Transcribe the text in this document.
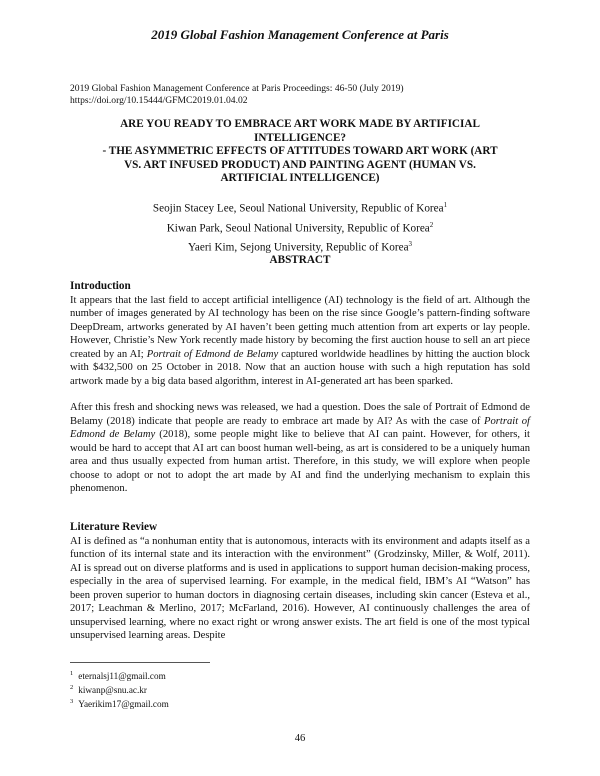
2019 Global Fashion Management Conference at Paris
2019 Global Fashion Management Conference at Paris Proceedings: 46-50 (July 2019)
https://doi.org/10.15444/GFMC2019.01.04.02
ARE YOU READY TO EMBRACE ART WORK MADE BY ARTIFICIAL INTELLIGENCE?
- THE ASYMMETRIC EFFECTS OF ATTITUDES TOWARD ART WORK (ART VS. ART INFUSED PRODUCT) AND PAINTING AGENT (HUMAN VS. ARTIFICIAL INTELLIGENCE)
Seojin Stacey Lee, Seoul National University, Republic of Korea$^1$
Kiwan Park, Seoul National University, Republic of Korea$^2$
Yaeri Kim, Sejong University, Republic of Korea$^3$
ABSTRACT
Introduction

It appears that the last field to accept artificial intelligence (AI) technology is the field of art. Although the number of images generated by AI technology has been on the rise since Google’s pattern-finding software DeepDream, artworks generated by AI haven’t been getting much attention from art experts or lay people. However, Christie’s New York recently made history by becoming the first auction house to sell an art piece created by an AI; Portrait of Edmond de Belamy captured worldwide headlines by hitting the auction block with $432,500 on 25 October in 2018. Now that an auction house with such a high reputation has sold artwork made by a big data based algorithm, interest in AI-generated art has been sparked.

After this fresh and shocking news was released, we had a question. Does the sale of Portrait of Edmond de Belamy (2018) indicate that people are ready to embrace art made by AI? As with the case of Portrait of Edmond de Belamy (2018), some people might like to believe that AI can paint. However, for others, it would be hard to accept that AI art can boost human well-being, as art is considered to be a uniquely human area and thus usually expected from human artist. Therefore, in this study, we will explore when people choose to adopt or not to adopt the art made by AI and find the underlying mechanism to explain this phenomenon.

Literature Review

AI is defined as “a nonhuman entity that is autonomous, interacts with its environment and adapts itself as a function of its internal state and its interaction with the environment” (Grodzinsky, Miller, & Wolf, 2011). AI is spread out on diverse platforms and is used in applications to support human decision-making process, especially in the area of supervised learning. For example, in the medical field, IBM’s AI “Watson” has been proven superior to human doctors in diagnosing certain diseases, including skin cancer (Esteva et al., 2017; Leachman & Merlino, 2017; McFarland, 2016). However, AI continuously challenges the area of unsupervised learning, where no exact right or wrong answer exists. The art field is one of the most typical unsupervised learning areas. Despite

$^1$ eternalsj11@gmail.com
$^2$ kiwanp@snu.ac.kr
$^3$ Yaerikim17@gmail.com
46
